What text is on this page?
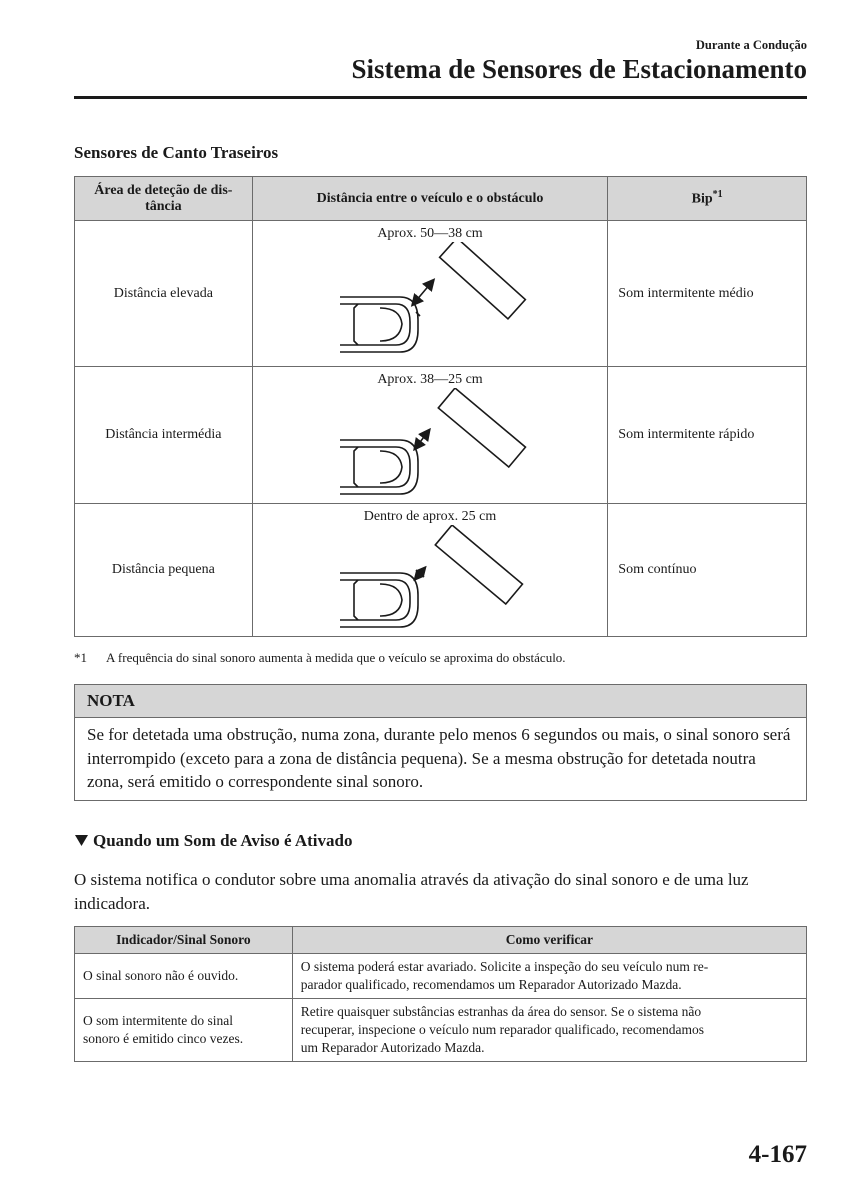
Durante a Condução
Sistema de Sensores de Estacionamento
Sensores de Canto Traseiros
Área de deteção de dis-
tância	Distância entre o veículo e o obstáculo	Bip$^{*1}$
Distância elevada	Aprox. 50—38 cm	Som intermitente médio
Distância intermédia	Aprox. 38—25 cm	Som intermitente rápido
Distância pequena	Dentro de aprox. 25 cm	Som contínuo
*1 A frequência do sinal sonoro aumenta à medida que o veículo se aproxima do obstáculo.
NOTA
Se for detetada uma obstrução, numa zona, durante pelo menos 6 segundos ou mais, o sinal sonoro será interrompido (exceto para a zona de distância pequena). Se a mesma obstrução for detetada noutra zona, será emitido o correspondente sinal sonoro.
Quando um Som de Aviso é Ativado
O sistema notifica o condutor sobre uma anomalia através da ativação do sinal sonoro e de uma luz indicadora.
Indicador/Sinal Sonoro	Como verificar
O sinal sonoro não é ouvido.	O sistema poderá estar avariado. Solicite a inspeção do seu veículo num re-
parador qualificado, recomendamos um Reparador Autorizado Mazda.
O som intermitente do sinal
sonoro é emitido cinco vezes.	Retire quaisquer substâncias estranhas da área do sensor. Se o sistema não
recuperar, inspecione o veículo num reparador qualificado, recomendamos
um Reparador Autorizado Mazda.
4-167
